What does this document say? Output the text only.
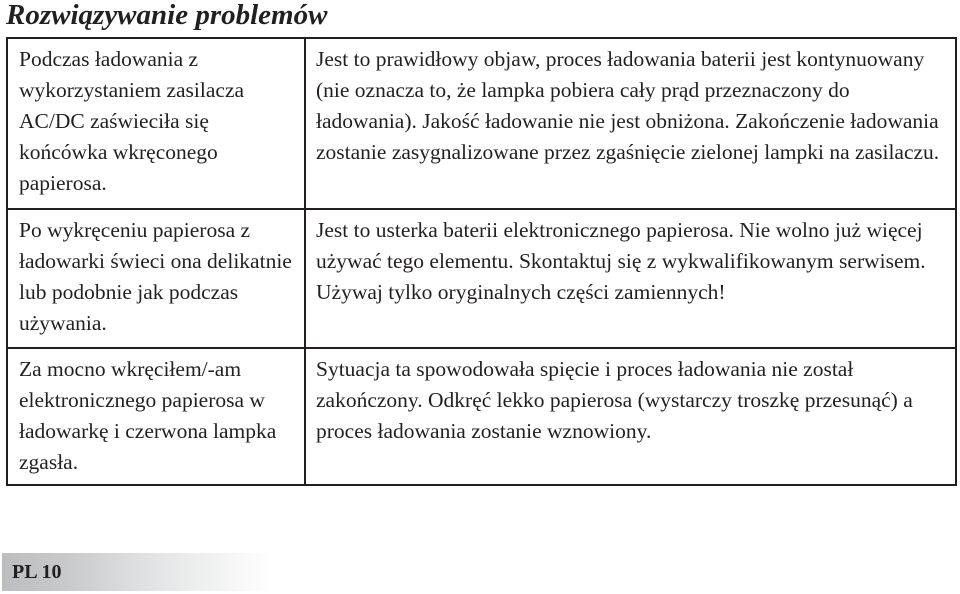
Rozwiązywanie problemów

Podczas ładowania z wykorzystaniem zasilacza AC/DC zaświeciła się końcówka wkręconego papierosa.	Jest to prawidłowy objaw, proces ładowania baterii jest kontynuowany (nie oznacza to, że lampka pobiera cały prąd przeznaczony do ładowania). Jakość ładowanie nie jest obniżona. Zakończenie ładowania zostanie zasygnalizowane przez zgaśnięcie zielonej lampki na zasilaczu.

Po wykręceniu papierosa z ładowarki świeci ona delikatnie lub podobnie jak podczas używania.	Jest to usterka baterii elektronicznego papierosa. Nie wolno już więcej używać tego elementu. Skontaktuj się z wykwalifikowanym serwisem. Używaj tylko oryginalnych części zamiennych!

Za mocno wkręciłem/-am elektronicznego papierosa w ładowarkę i czerwona lampka zgasła.	Sytuacja ta spowodowała spięcie i proces ładowania nie został zakończony. Odkręć lekko papierosa (wystarczy troszkę przesunąć) a proces ładowania zostanie wznowiony.

PL 10
